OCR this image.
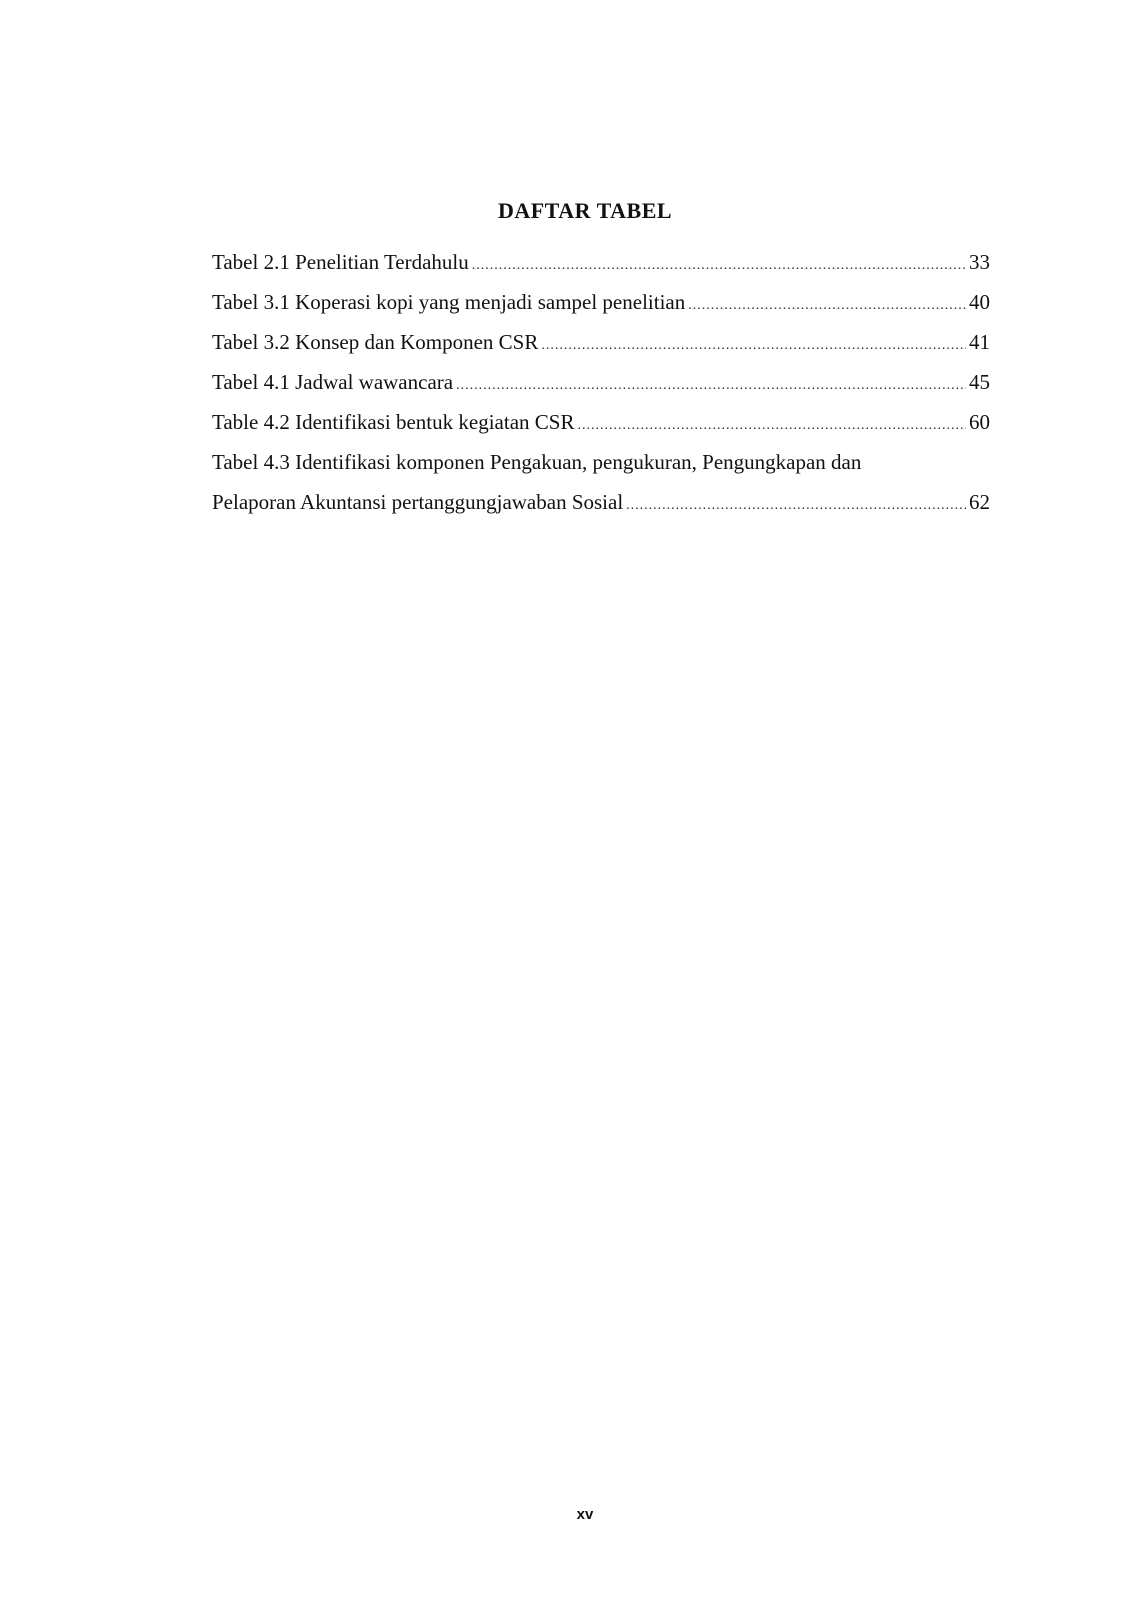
DAFTAR TABEL
Tabel 2.1 Penelitian Terdahulu .....	33
Tabel 3.1 Koperasi kopi yang menjadi sampel penelitian .....	40
Tabel 3.2 Konsep dan Komponen CSR .....	41
Tabel 4.1 Jadwal wawancara .....	45
Table 4.2 Identifikasi bentuk kegiatan CSR .....	60
Tabel 4.3 Identifikasi komponen Pengakuan, pengukuran, Pengungkapan dan
Pelaporan Akuntansi pertanggungjawaban Sosial .....	62
xv
